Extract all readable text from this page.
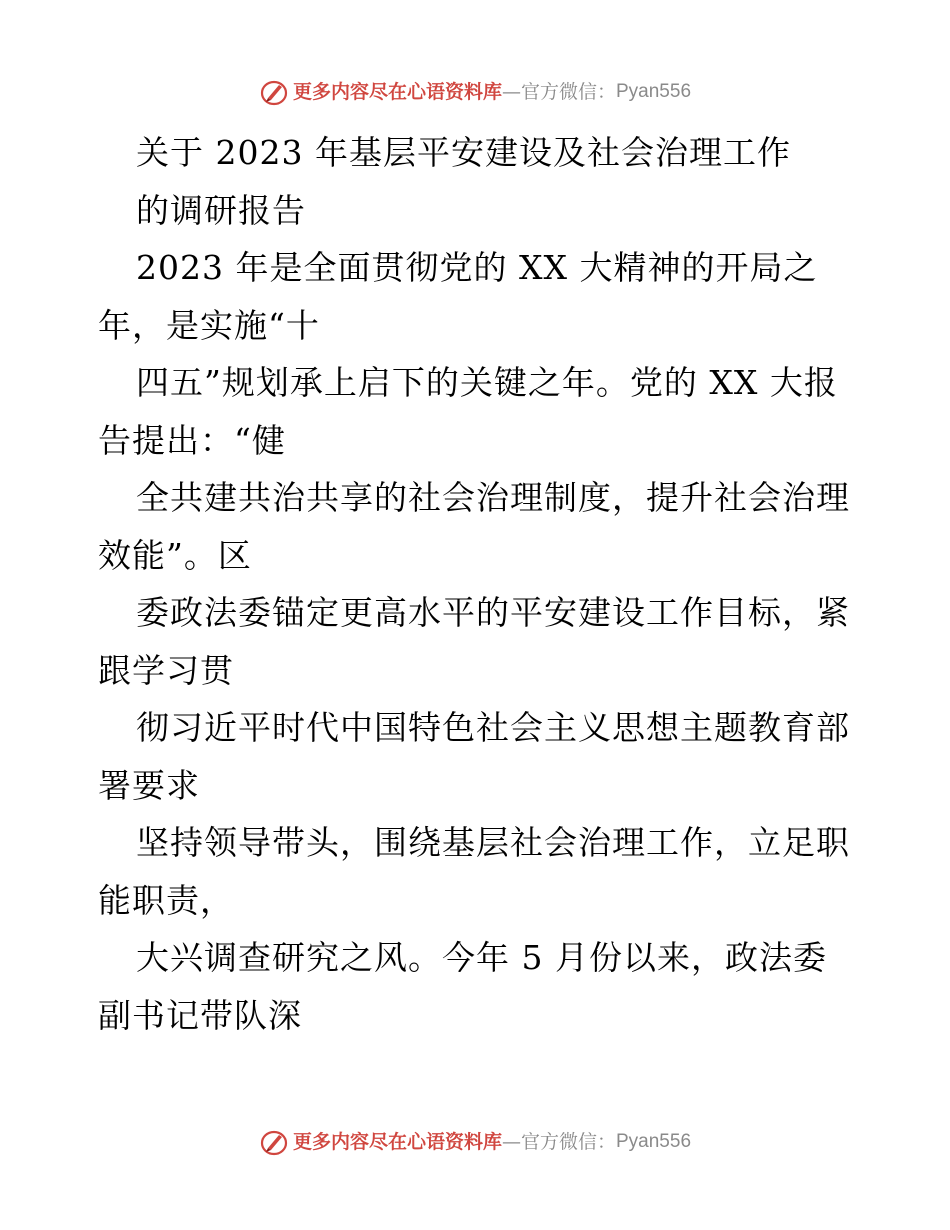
更多内容尽在心语资料库—官方微信：Pyan556
关于 2023 年基层平安建设及社会治理工作
的调研报告
2023 年是全面贯彻党的 XX 大精神的开局之
年，是实施“十
四五”规划承上启下的关键之年。党的 XX 大报
告提出：“健
全共建共治共享的社会治理制度，提升社会治理
效能”。区
委政法委锚定更高水平的平安建设工作目标，紧
跟学习贯
彻习近平时代中国特色社会主义思想主题教育部
署要求
坚持领导带头，围绕基层社会治理工作，立足职
能职责，
大兴调查研究之风。今年 5 月份以来，政法委
副书记带队深
更多内容尽在心语资料库—官方微信：Pyan556
